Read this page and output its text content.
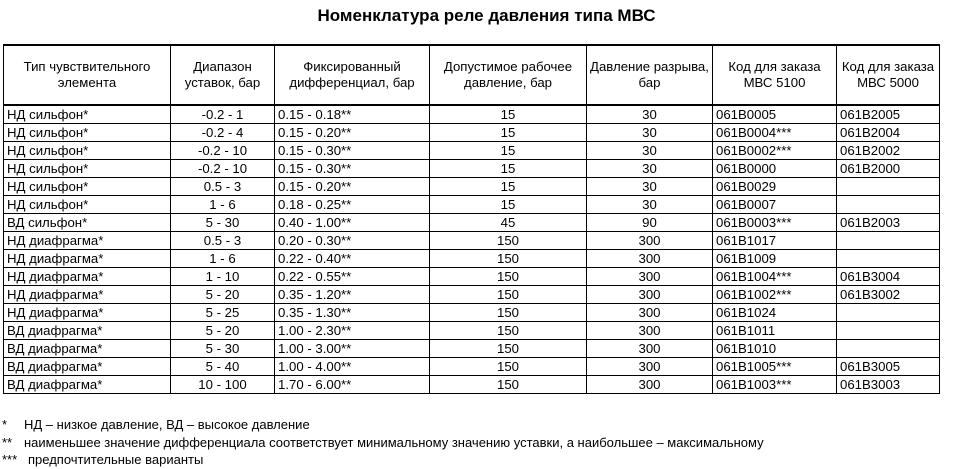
Номенклатура реле давления типа МВС
Тип чувствительного элемента	Диапазон уставок, бар	Фиксированный дифференциал, бар	Допустимое рабочее давление, бар	Давление разрыва, бар	Код для заказа МВС 5100	Код для заказа МВС 5000
НД сильфон*	-0.2 - 1	0.15 - 0.18**	15	30	061B0005	061B2005
НД сильфон*	-0.2 - 4	0.15 - 0.20**	15	30	061B0004***	061B2004
НД сильфон*	-0.2 - 10	0.15 - 0.30**	15	30	061B0002***	061B2002
НД сильфон*	-0.2 - 10	0.15 - 0.30**	15	30	061B0000	061B2000
НД сильфон*	0.5 - 3	0.15 - 0.20**	15	30	061B0029	
НД сильфон*	1 - 6	0.18 - 0.25**	15	30	061B0007	
ВД сильфон*	5 - 30	0.40 - 1.00**	45	90	061B0003***	061B2003
НД диафрагма*	0.5 - 3	0.20 - 0.30**	150	300	061B1017	
НД диафрагма*	1 - 6	0.22 - 0.40**	150	300	061B1009	
НД диафрагма*	1 - 10	0.22 - 0.55**	150	300	061B1004***	061B3004
НД диафрагма*	5 - 20	0.35 - 1.20**	150	300	061B1002***	061B3002
НД диафрагма*	5 - 25	0.35 - 1.30**	150	300	061B1024	
ВД диафрагма*	5 - 20	1.00 - 2.30**	150	300	061B1011	
ВД диафрагма*	5 - 30	1.00 - 3.00**	150	300	061B1010	
ВД диафрагма*	5 - 40	1.00 - 4.00**	150	300	061B1005***	061B3005
ВД диафрагма*	10 - 100	1.70 - 6.00**	150	300	061B1003***	061B3003
* НД – низкое давление, ВД – высокое давление
** наименьшее значение дифференциала соответствует минимальному значению уставки, а наибольшее – максимальному
*** предпочтительные варианты
